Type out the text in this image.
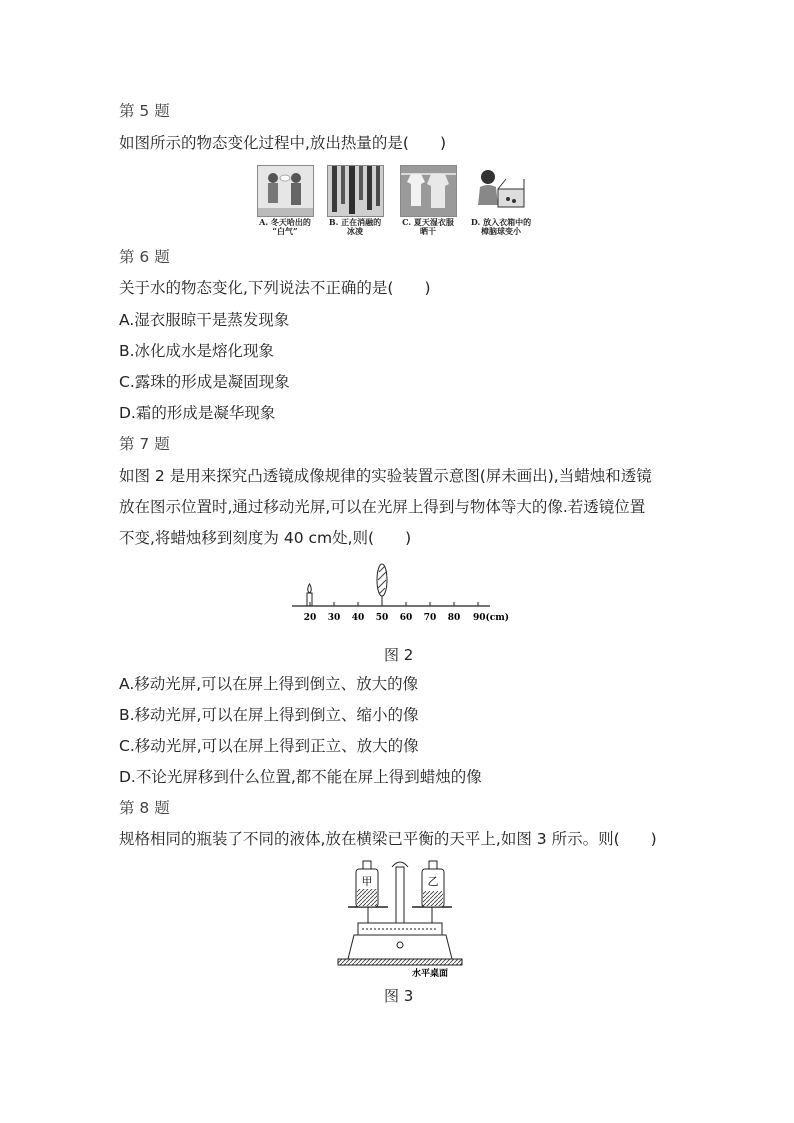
第 5 题
如图所示的物态变化过程中,放出热量的是(　　)
A. 冬天哈出的
“白气”
B. 正在消融的
冰凌
C. 夏天湿衣服
晒干
D. 放入衣箱中的
樟脑球变小
第 6 题
关于水的物态变化,下列说法不正确的是(　　)
A.湿衣服晾干是蒸发现象
B.冰化成水是熔化现象
C.露珠的形成是凝固现象
D.霜的形成是凝华现象
第 7 题
如图 2 是用来探究凸透镜成像规律的实验装置示意图(屏未画出),当蜡烛和透镜
放在图示位置时,通过移动光屏,可以在光屏上得到与物体等大的像.若透镜位置
不变,将蜡烛移到刻度为 40 cm处,则(　　)
20 30 40 50 60 70 80 90(cm)
图 2
A.移动光屏,可以在屏上得到倒立、放大的像
B.移动光屏,可以在屏上得到倒立、缩小的像
C.移动光屏,可以在屏上得到正立、放大的像
D.不论光屏移到什么位置,都不能在屏上得到蜡烛的像
第 8 题
规格相同的瓶装了不同的液体,放在横梁已平衡的天平上,如图 3 所示。则(　　)
甲	乙
水平桌面
图 3
